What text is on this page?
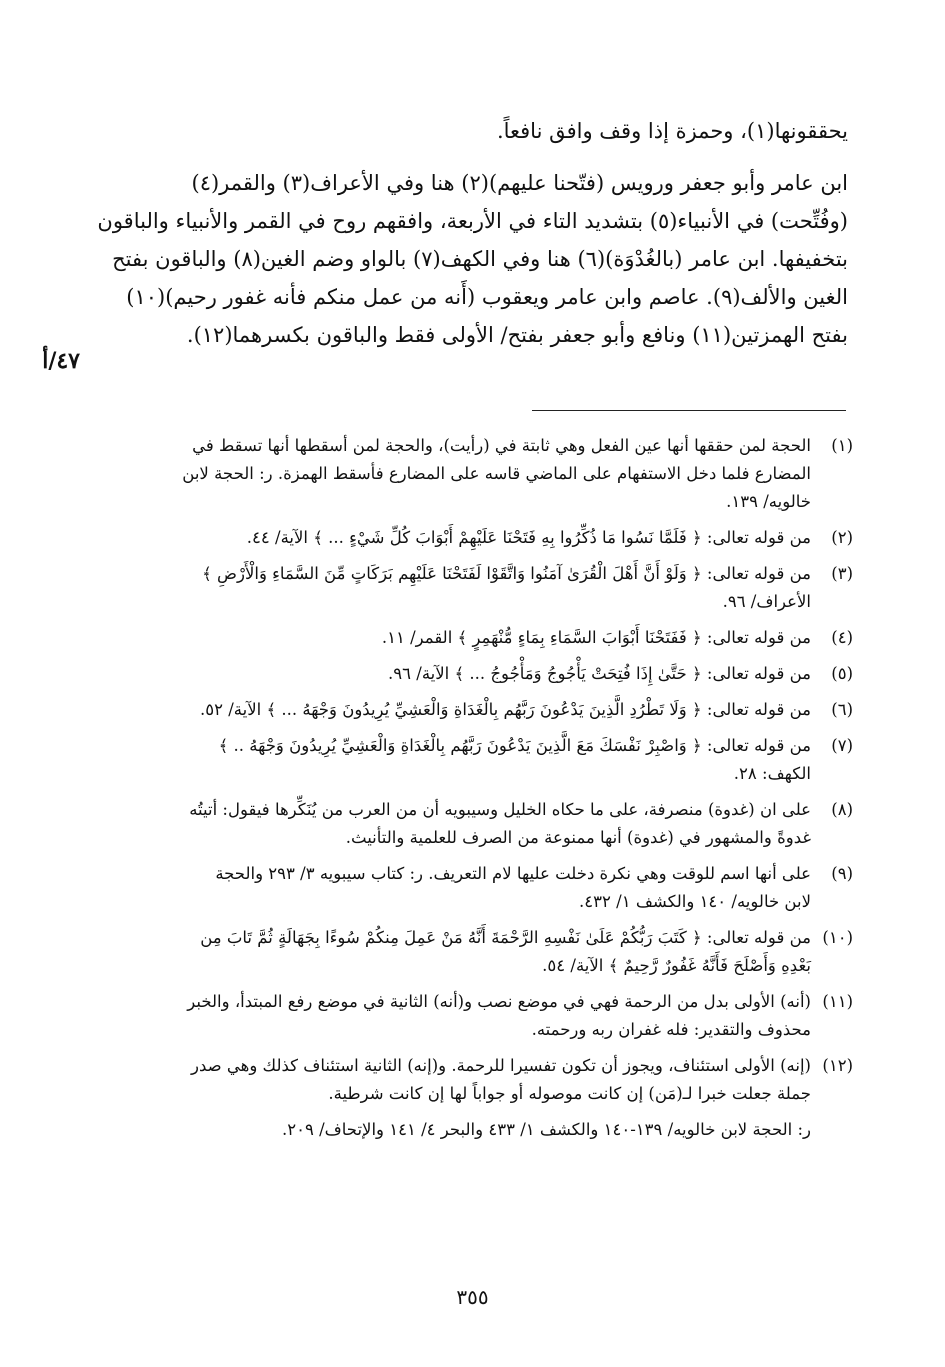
يحققونها(١)، وحمزة إذا وقف وافق نافعاً.
ابن عامر وأبو جعفر ورويس (فتّحنا عليهم)(٢) هنا وفي الأعراف(٣) والقمر(٤)
(وفُتِّحت) في الأنبياء(٥) بتشديد التاء في الأربعة، وافقهم روح في القمر والأنبياء والباقون
بتخفيفها. ابن عامر (بالغُدْوَة)(٦) هنا وفي الكهف(٧) بالواو وضم الغين(٨) والباقون بفتح
الغين والألف(٩). عاصم وابن عامر ويعقوب (أَنه من عمل منكم فأنه غفور رحيم)(١٠)
بفتح الهمزتين(١١) ونافع وأبو جعفر بفتح/ الأولى فقط والباقون بكسرهما(١٢).
٤٧/أ
(١)
الحجة لمن حققها أنها عين الفعل وهي ثابتة في (رأيت)، والحجة لمن أسقطها أنها تسقط في
المضارع فلما دخل الاستفهام على الماضي قاسه على المضارع فأسقط الهمزة. ر: الحجة لابن
خالويه/ ١٣٩.
(٢)
من قوله تعالى: ﴿ فَلَمَّا نَسُوا مَا ذُكِّرُوا بِهِ فَتَحْنَا عَلَيْهِمْ أَبْوَابَ كُلِّ شَيْءٍ ... ﴾ الآية/ ٤٤.
(٣)
من قوله تعالى: ﴿ وَلَوْ أَنَّ أَهْلَ الْقُرَىٰ آمَنُوا وَاتَّقَوْا لَفَتَحْنَا عَلَيْهِم بَرَكَاتٍ مِّنَ السَّمَاءِ وَالْأَرْضِ ﴾
الأعراف/ ٩٦.
(٤)
من قوله تعالى: ﴿ فَفَتَحْنَا أَبْوَابَ السَّمَاءِ بِمَاءٍ مُّنْهَمِرٍ ﴾ القمر/ ١١.
(٥)
من قوله تعالى: ﴿ حَتَّىٰ إِذَا فُتِحَتْ يَأْجُوجُ وَمَأْجُوجُ ... ﴾ الآية/ ٩٦.
(٦)
من قوله تعالى: ﴿ وَلَا تَطْرُدِ الَّذِينَ يَدْعُونَ رَبَّهُم بِالْغَدَاةِ وَالْعَشِيِّ يُرِيدُونَ وَجْهَهُ ... ﴾ الآية/ ٥٢.
(٧)
من قوله تعالى: ﴿ وَاصْبِرْ نَفْسَكَ مَعَ الَّذِينَ يَدْعُونَ رَبَّهُم بِالْغَدَاةِ وَالْعَشِيِّ يُرِيدُونَ وَجْهَهُ .. ﴾
الكهف: ٢٨.
(٨)
على ان (غدوة) منصرفة، على ما حكاه الخليل وسيبويه أن من العرب من يُنَكِّرها فيقول: أتيتُه
غدوةً والمشهور في (غدوة) أنها ممنوعة من الصرف للعلمية والتأنيث.
(٩)
على أنها اسم للوقت وهي نكرة دخلت عليها لام التعريف. ر: كتاب سيبويه ٣/ ٢٩٣ والحجة
لابن خالويه/ ١٤٠ والكشف ١/ ٤٣٢.
(١٠)
من قوله تعالى: ﴿ كَتَبَ رَبُّكُمْ عَلَىٰ نَفْسِهِ الرَّحْمَةَ أَنَّهُ مَنْ عَمِلَ مِنكُمْ سُوءًا بِجَهَالَةٍ ثُمَّ تَابَ مِن
بَعْدِهِ وَأَصْلَحَ فَأَنَّهُ غَفُورٌ رَّحِيمٌ ﴾ الآية/ ٥٤.
(١١)
(أنه) الأولى بدل من الرحمة فهي في موضع نصب و(أنه) الثانية في موضع رفع المبتدأ، والخبر
محذوف والتقدير: فله غفران ربه ورحمته.
(١٢)
(إنه) الأولى استئناف، ويجوز أن تكون تفسيرا للرحمة. و(إنه) الثانية استئناف كذلك وهي صدر
جملة جعلت خبرا لـ(مَن) إن كانت موصوله أو جواباً لها إن كانت شرطية.
ر: الحجة لابن خالويه/ ١٣٩-١٤٠ والكشف ١/ ٤٣٣ والبحر ٤/ ١٤١ والإتحاف/ ٢٠٩.
٣٥٥
